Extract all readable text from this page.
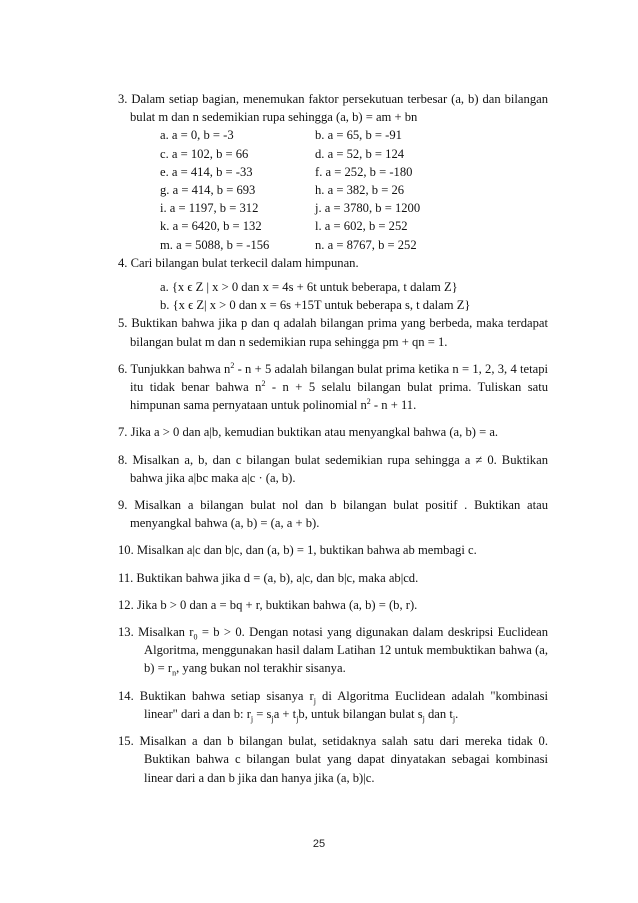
3. Dalam setiap bagian, menemukan faktor persekutuan terbesar (a, b) dan bilangan bulat m dan n sedemikian rupa sehingga (a, b) = am + bn

a. a = 0, b = -3	b. a = 65, b = -91
c. a = 102, b = 66	d. a = 52, b = 124
e. a = 414, b = -33	f. a = 252, b = -180
g. a = 414, b = 693	h. a = 382, b = 26
i. a = 1197, b = 312	j. a = 3780, b = 1200
k. a = 6420, b = 132	l. a = 602, b = 252
m. a = 5088, b = -156	n. a = 8767, b = 252

4. Cari bilangan bulat terkecil dalam himpunan.

a. {x ϵ Z | x > 0 dan x = 4s + 6t untuk beberapa, t dalam Z}
b. {x ϵ Z| x > 0 dan x = 6s +15T untuk beberapa s, t dalam Z}

5. Buktikan bahwa jika p dan q adalah bilangan prima yang berbeda, maka terdapat bilangan bulat m dan n sedemikian rupa sehingga pm + qn = 1.

6. Tunjukkan bahwa $n^2 - n + 5$ adalah bilangan bulat prima ketika n = 1, 2, 3, 4 tetapi itu tidak benar bahwa $n^2 - n + 5$ selalu bilangan bulat prima. Tuliskan satu himpunan sama pernyataan untuk polinomial $n^2 - n + 11$.

7. Jika a > 0 dan a|b, kemudian buktikan atau menyangkal bahwa (a, b) = a.

8. Misalkan a, b, dan c bilangan bulat sedemikian rupa sehingga a ≠ 0. Buktikan bahwa jika a|bc maka a|c · (a, b).

9. Misalkan a bilangan bulat nol dan b bilangan bulat positif . Buktikan atau menyangkal bahwa (a, b) = (a, a + b).

10. Misalkan a|c dan b|c, dan (a, b) = 1, buktikan bahwa ab membagi c.

11. Buktikan bahwa jika d = (a, b), a|c, dan b|c, maka ab|cd.

12. Jika b > 0 dan a = bq + r, buktikan bahwa (a, b) = (b, r).

13. Misalkan $r_0 = b > 0$. Dengan notasi yang digunakan dalam deskripsi Euclidean Algoritma, menggunakan hasil dalam Latihan 12 untuk membuktikan bahwa (a, $b) = r_n$, yang bukan nol terakhir sisanya.

14. Buktikan bahwa setiap sisanya $r_j$ di Algoritma Euclidean adalah "kombinasi linear" dari a dan b: $r_j = s_ja + t_jb$, untuk bilangan bulat $s_j$ dan $t_j$.

15. Misalkan a dan b bilangan bulat, setidaknya salah satu dari mereka tidak 0. Buktikan bahwa c bilangan bulat yang dapat dinyatakan sebagai kombinasi linear dari a dan b jika dan hanya jika (a, b)|c.

25
